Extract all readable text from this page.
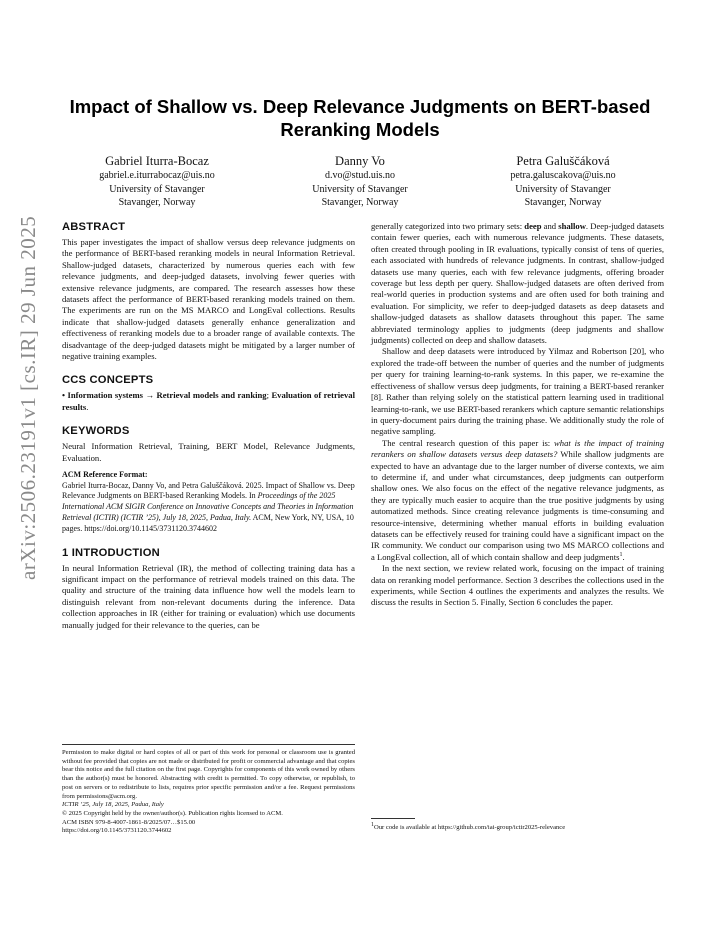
arXiv:2506.23191v1 [cs.IR] 29 Jun 2025
Impact of Shallow vs. Deep Relevance Judgments on BERT-based Reranking Models
Gabriel Iturra-Bocaz
gabriel.e.iturrabocaz@uis.no
University of Stavanger
Stavanger, Norway
Danny Vo
d.vo@stud.uis.no
University of Stavanger
Stavanger, Norway
Petra Galuščáková
petra.galuscakova@uis.no
University of Stavanger
Stavanger, Norway
ABSTRACT

This paper investigates the impact of shallow versus deep relevance judgments on the performance of BERT-based reranking models in neural Information Retrieval. Shallow-judged datasets, characterized by numerous queries each with few relevance judgments, and deep-judged datasets, involving fewer queries with extensive relevance judgments, are compared. The research assesses how these datasets affect the performance of BERT-based reranking models trained on them. The experiments are run on the MS MARCO and LongEval collections. Results indicate that shallow-judged datasets generally enhance generalization and effectiveness of reranking models due to a broader range of available contexts. The disadvantage of the deep-judged datasets might be mitigated by a larger number of negative training examples.

CCS CONCEPTS

• Information systems → Retrieval models and ranking; Evaluation of retrieval results.

KEYWORDS

Neural Information Retrieval, Training, BERT Model, Relevance Judgments, Evaluation.

ACM Reference Format:

Gabriel Iturra-Bocaz, Danny Vo, and Petra Galuščáková. 2025. Impact of Shallow vs. Deep Relevance Judgments on BERT-based Reranking Models. In Proceedings of the 2025 International ACM SIGIR Conference on Innovative Concepts and Theories in Information Retrieval (ICTIR) (ICTIR ’25), July 18, 2025, Padua, Italy. ACM, New York, NY, USA, 10 pages. https://doi.org/10.1145/3731120.3744602

1 INTRODUCTION

In neural Information Retrieval (IR), the method of collecting training data has a significant impact on the performance of retrieval models trained on this data. The quality and structure of the training data influence how well the models learn to distinguish relevant from non-relevant documents during the inference. Data collection approaches in IR (either for training or evaluation) which use documents manually judged for their relevance to the queries, can be

Permission to make digital or hard copies of all or part of this work for personal or classroom use is granted without fee provided that copies are not made or distributed for profit or commercial advantage and that copies bear this notice and the full citation on the first page. Copyrights for components of this work owned by others than the author(s) must be honored. Abstracting with credit is permitted. To copy otherwise, or republish, to post on servers or to redistribute to lists, requires prior specific permission and/or a fee. Request permissions from permissions@acm.org.
ICTIR ’25, July 18, 2025, Padua, Italy
© 2025 Copyright held by the owner/author(s). Publication rights licensed to ACM.
ACM ISBN 979-8-4007-1861-8/2025/07…$15.00
https://doi.org/10.1145/3731120.3744602

generally categorized into two primary sets: deep and shallow. Deep-judged datasets contain fewer queries, each with numerous relevance judgments. These datasets, often created through pooling in IR evaluations, typically consist of tens of queries, each associated with hundreds of relevance judgments. In contrast, shallow-judged datasets use many queries, each with few relevance judgments, offering broader coverage but less depth per query. Shallow-judged datasets are often derived from real-world queries in production systems and are often used for both training and evaluation. For simplicity, we refer to deep-judged datasets as deep datasets and shallow-judged datasets as shallow datasets throughout this paper. The same abbreviated terminology applies to judgments (deep judgments and shallow judgments) collected on deep and shallow datasets.

Shallow and deep datasets were introduced by Yilmaz and Robertson [20], who explored the trade-off between the number of queries and the number of judgments per query for training learning-to-rank systems. In this paper, we re-examine the effectiveness of shallow versus deep judgments, for training a BERT-based reranker [8]. Rather than relying solely on the statistical pattern learning used in traditional learning-to-rank, we use BERT-based rerankers which capture semantic relationships in query-document pairs during the training phase. We additionally study the role of negative sampling.

The central research question of this paper is: what is the impact of training rerankers on shallow datasets versus deep datasets? While shallow judgments are expected to have an advantage due to the larger number of diverse contexts, we aim to determine if, and under what circumstances, deep judgments can outperform shallow ones. We also focus on the effect of the negative relevance judgments, as they are typically much easier to acquire than the true positive judgments by using automatized methods. Since creating relevance judgments is time-consuming and resource-intensive, determining whether manual efforts in building evaluation datasets can be effectively reused for training could have a significant impact on the IR community. We conduct our comparison using two MS MARCO collections and a LongEval collection, all of which contain shallow and deep judgments$^1$.

In the next section, we review related work, focusing on the impact of training data on reranking model performance. Section 3 describes the collections used in the experiments, while Section 4 outlines the experiments and analyzes the results. We discuss the results in Section 5. Finally, Section 6 concludes the paper.

$^1$Our code is available at https://github.com/iai-group/ictir2025-relevance
